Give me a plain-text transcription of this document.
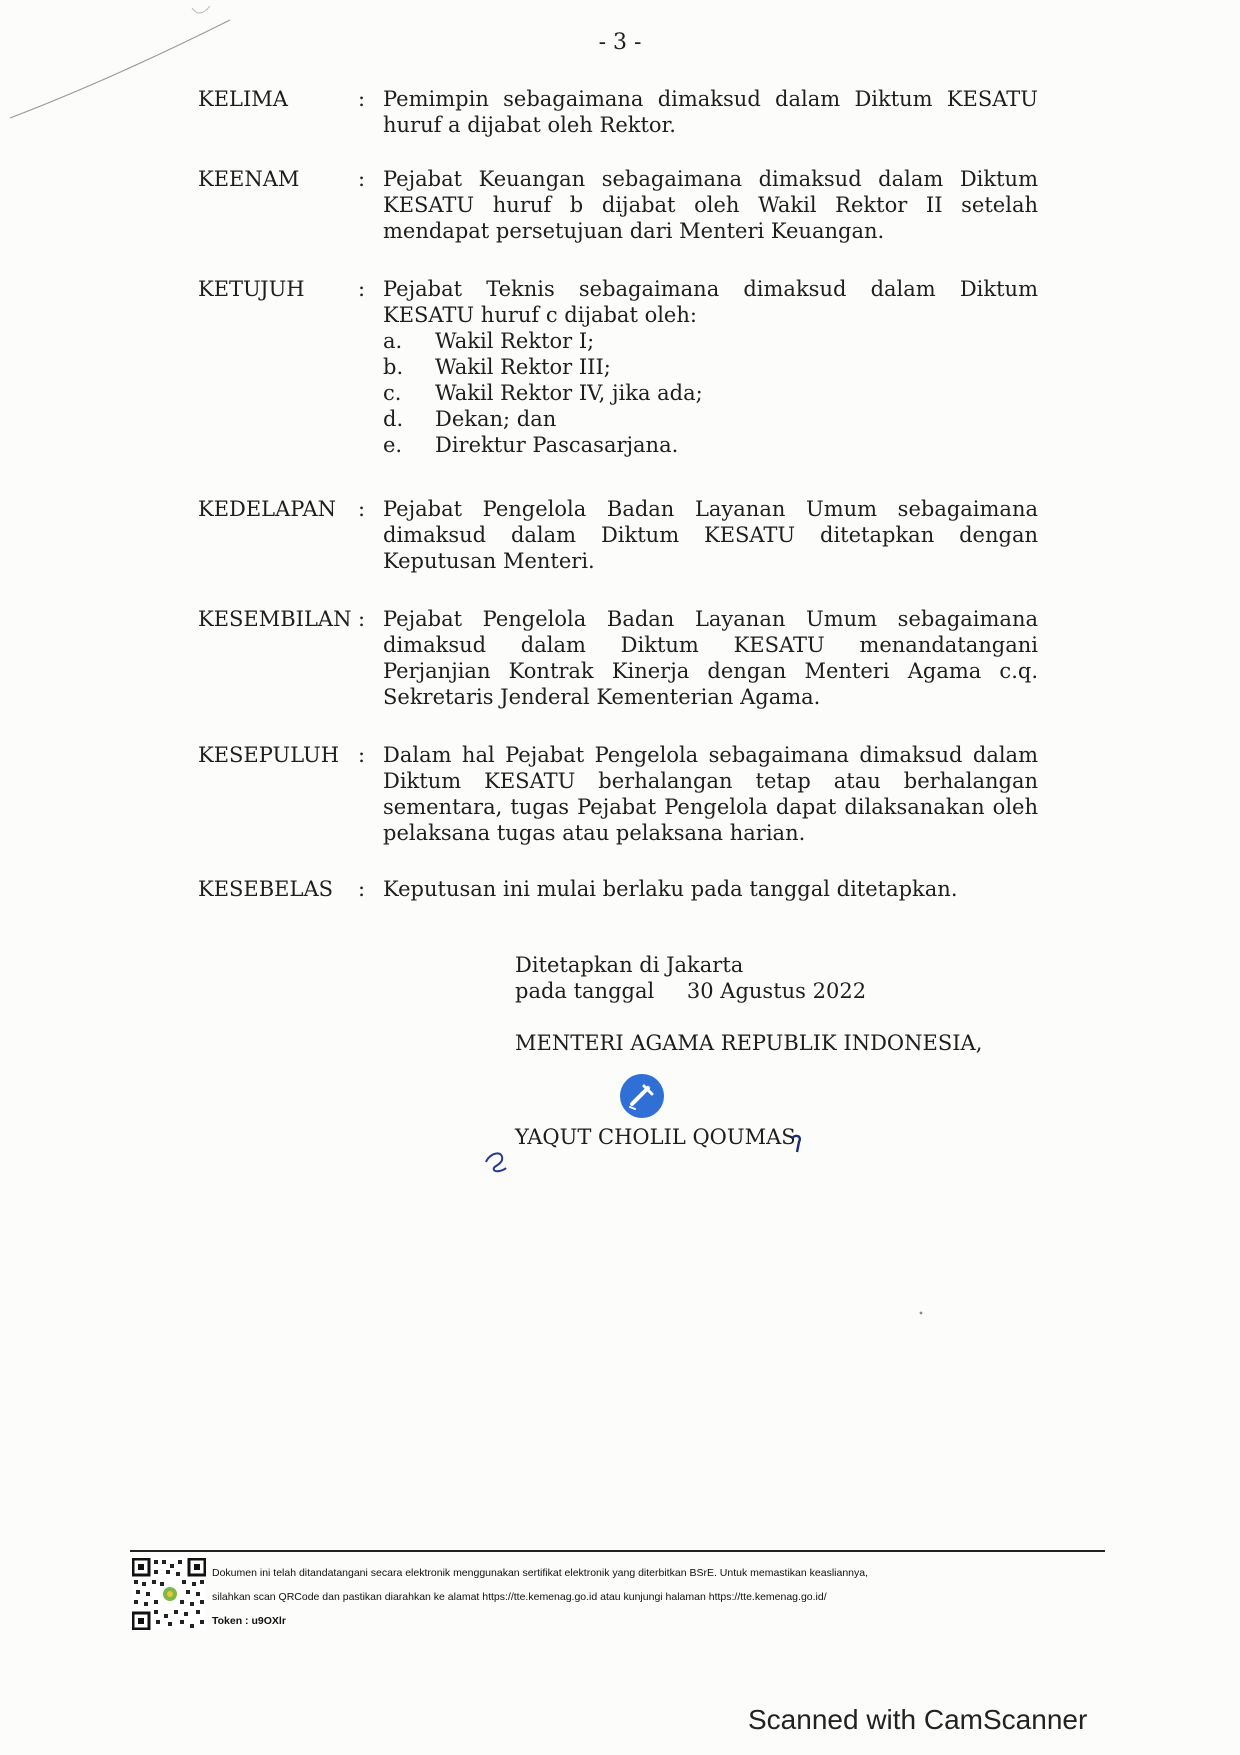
- 3 -
KELIMA	: Pemimpin sebagaimana dimaksud dalam Diktum KESATU huruf a dijabat oleh Rektor.
KEENAM	: Pejabat Keuangan sebagaimana dimaksud dalam Diktum KESATU huruf b dijabat oleh Wakil Rektor II setelah mendapat persetujuan dari Menteri Keuangan.
KETUJUH	: Pejabat Teknis sebagaimana dimaksud dalam Diktum KESATU huruf c dijabat oleh:
a. Wakil Rektor I;
b. Wakil Rektor III;
c. Wakil Rektor IV, jika ada;
d. Dekan; dan
e. Direktur Pascasarjana.
KEDELAPAN	: Pejabat Pengelola Badan Layanan Umum sebagaimana dimaksud dalam Diktum KESATU ditetapkan dengan Keputusan Menteri.
KESEMBILAN : Pejabat Pengelola Badan Layanan Umum sebagaimana dimaksud dalam Diktum KESATU menandatangani Perjanjian Kontrak Kinerja dengan Menteri Agama c.q. Sekretaris Jenderal Kementerian Agama.
KESEPULUH : Dalam hal Pejabat Pengelola sebagaimana dimaksud dalam Diktum KESATU berhalangan tetap atau berhalangan sementara, tugas Pejabat Pengelola dapat dilaksanakan oleh pelaksana tugas atau pelaksana harian.
KESEBELAS	: Keputusan ini mulai berlaku pada tanggal ditetapkan.
Ditetapkan di Jakarta
pada tanggal 30 Agustus 2022
MENTERI AGAMA REPUBLIK INDONESIA,
YAQUT CHOLIL QOUMAS
Dokumen ini telah ditandatangani secara elektronik menggunakan sertifikat elektronik yang diterbitkan BSrE. Untuk memastikan keasliannya,
silahkan scan QRCode dan pastikan diarahkan ke alamat https://tte.kemenag.go.id atau kunjungi halaman https://tte.kemenag.go.id/
Token : u9OXlr
Scanned with CamScanner
